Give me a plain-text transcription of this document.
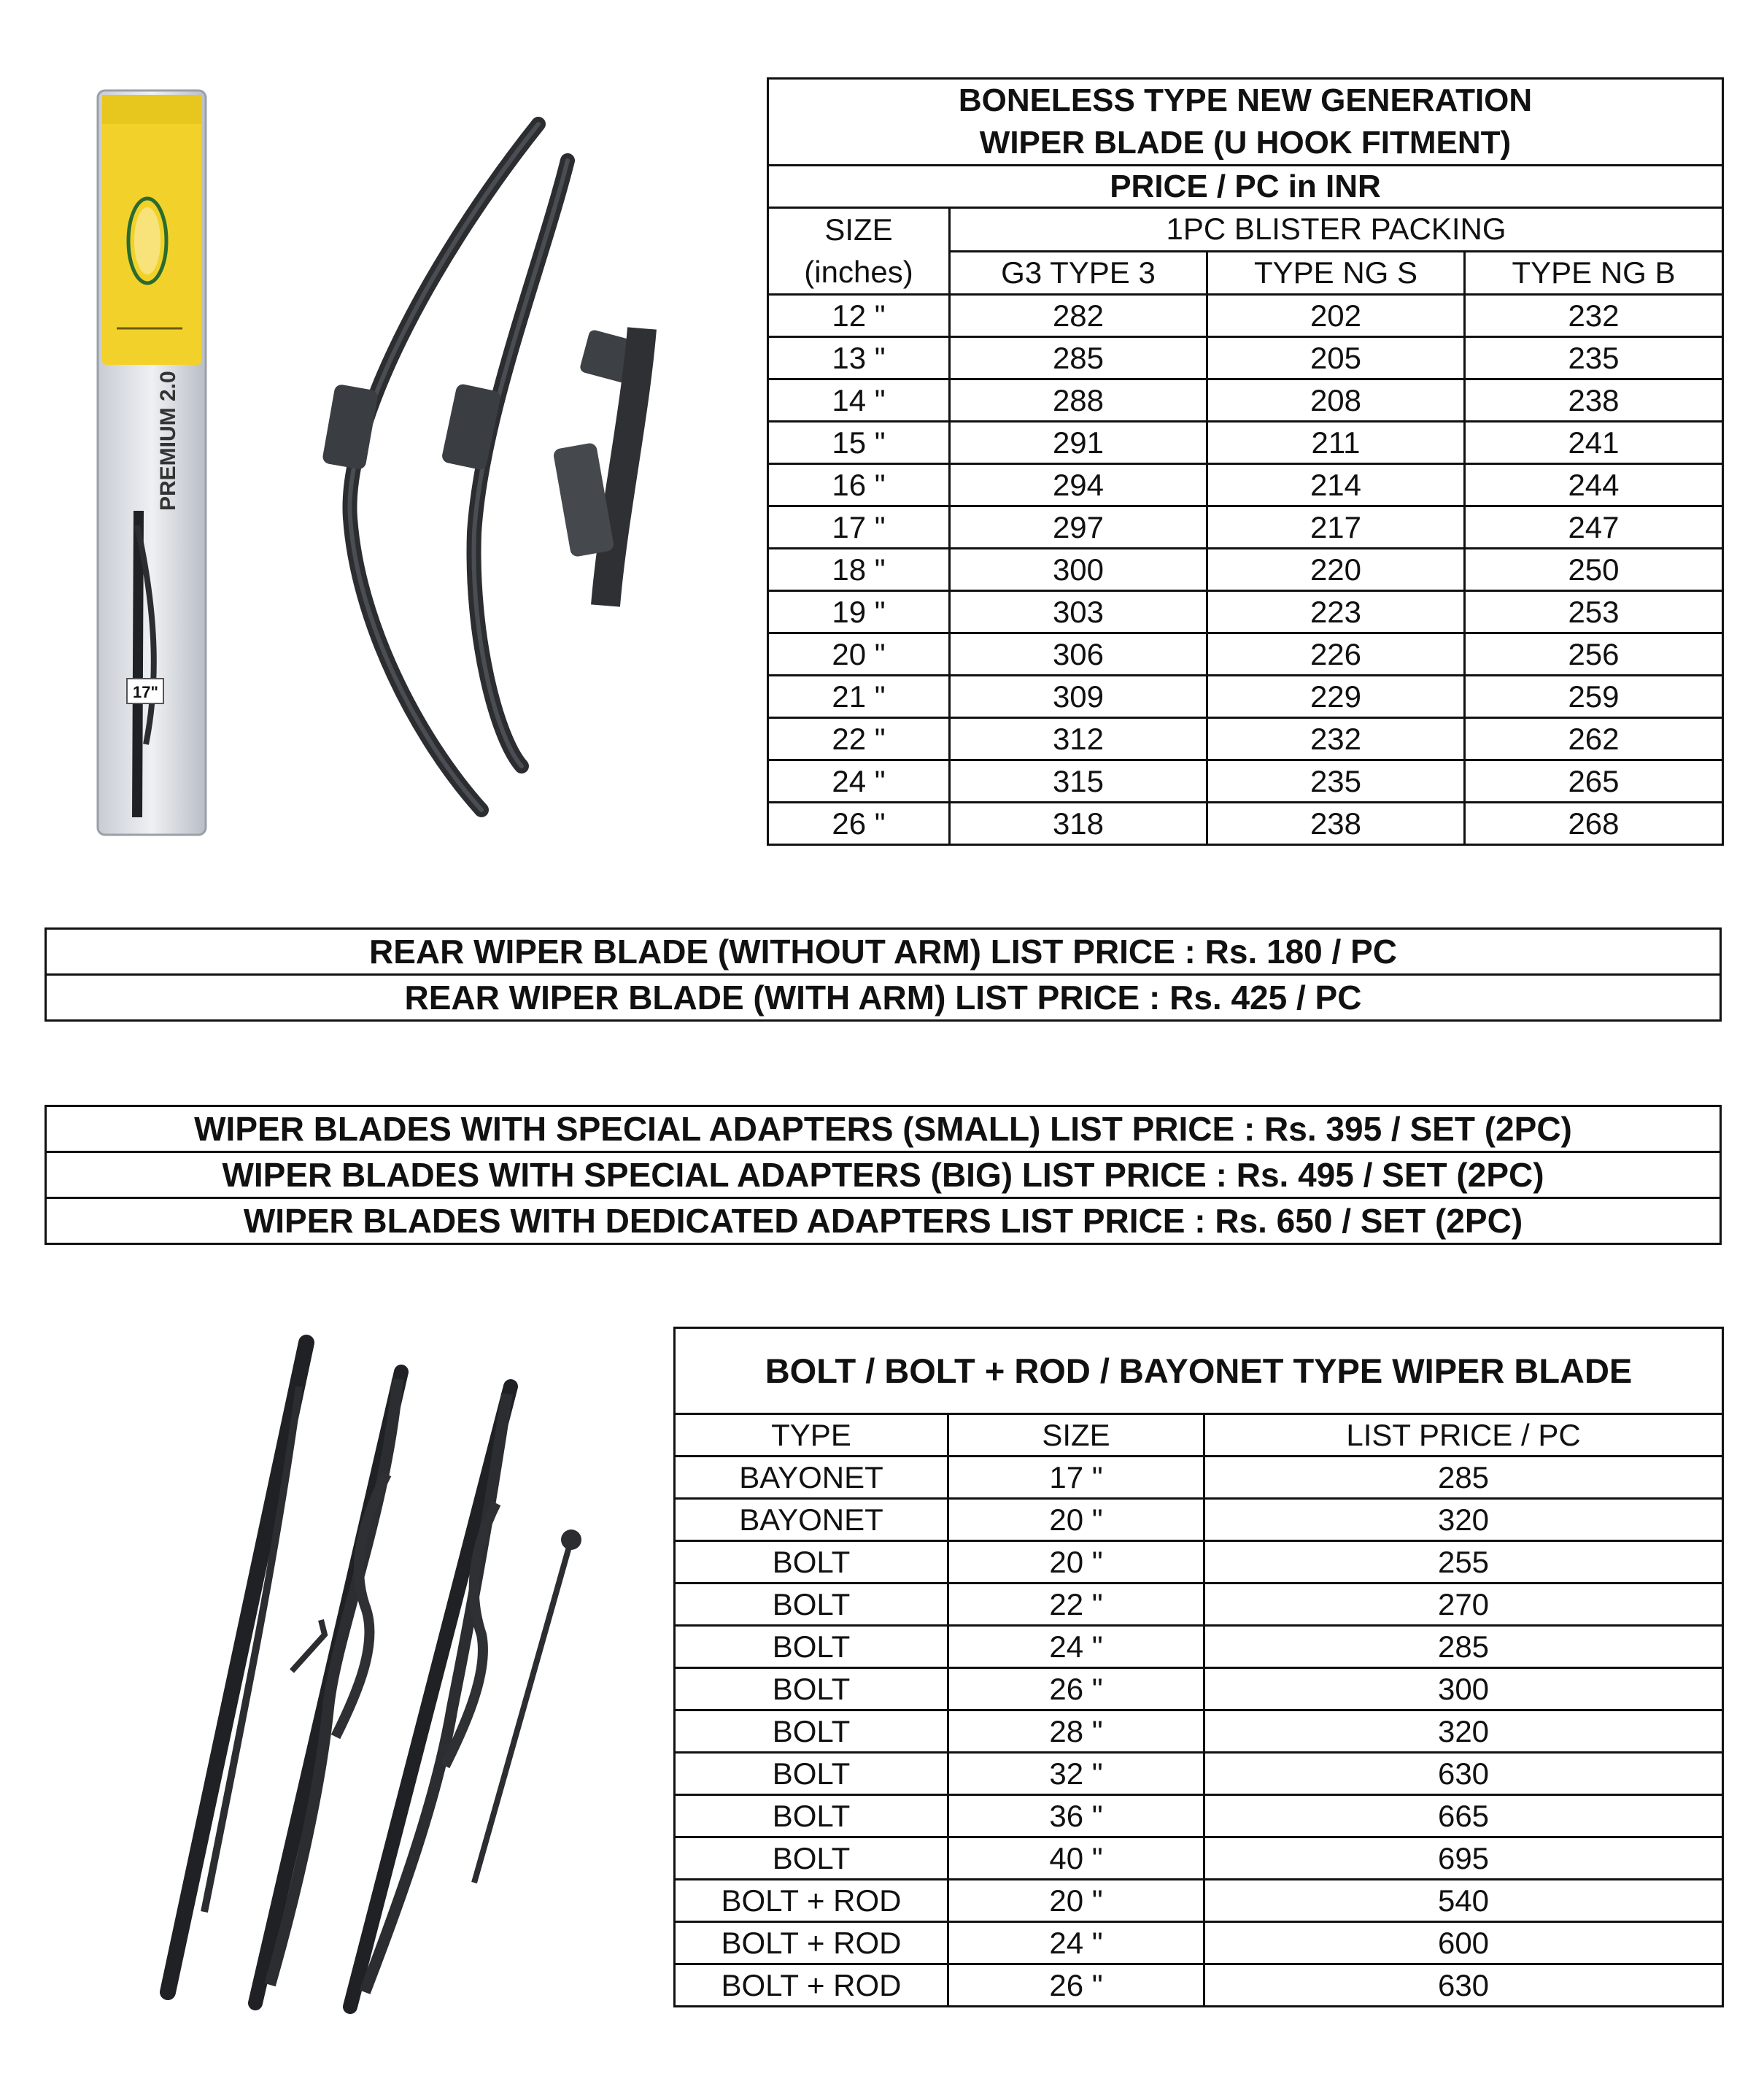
PREMIUM 2.0
17"
BONELESS TYPE NEW GENERATION
WIPER BLADE (U HOOK FITMENT)			

PRICE / PC in INR			

SIZE
(inches)	1PC BLISTER PACKING		
	G3 TYPE 3	TYPE NG S	TYPE NG B
12 "	282	202	232
13 "	285	205	235
14 "	288	208	238
15 "	291	211	241
16 "	294	214	244
17 "	297	217	247
18 "	300	220	250
19 "	303	223	253
20 "	306	226	256
21 "	309	229	259
22 "	312	232	262
24 "	315	235	265
26 "	318	238	268
REAR WIPER BLADE (WITHOUT ARM) LIST PRICE : Rs. 180 / PC
REAR WIPER BLADE (WITH ARM) LIST PRICE : Rs. 425 / PC
WIPER BLADES WITH SPECIAL ADAPTERS (SMALL) LIST PRICE : Rs. 395 / SET (2PC)
WIPER BLADES WITH SPECIAL ADAPTERS (BIG) LIST PRICE : Rs. 495 / SET (2PC)
WIPER BLADES WITH DEDICATED ADAPTERS LIST PRICE : Rs. 650 / SET (2PC)
BOLT / BOLT + ROD / BAYONET TYPE WIPER BLADE		
TYPE	SIZE	LIST PRICE / PC
BAYONET	17 "	285
BAYONET	20 "	320
BOLT	20 "	255
BOLT	22 "	270
BOLT	24 "	285
BOLT	26 "	300
BOLT	28 "	320
BOLT	32 "	630
BOLT	36 "	665
BOLT	40 "	695
BOLT + ROD	20 "	540
BOLT + ROD	24 "	600
BOLT + ROD	26 "	630
